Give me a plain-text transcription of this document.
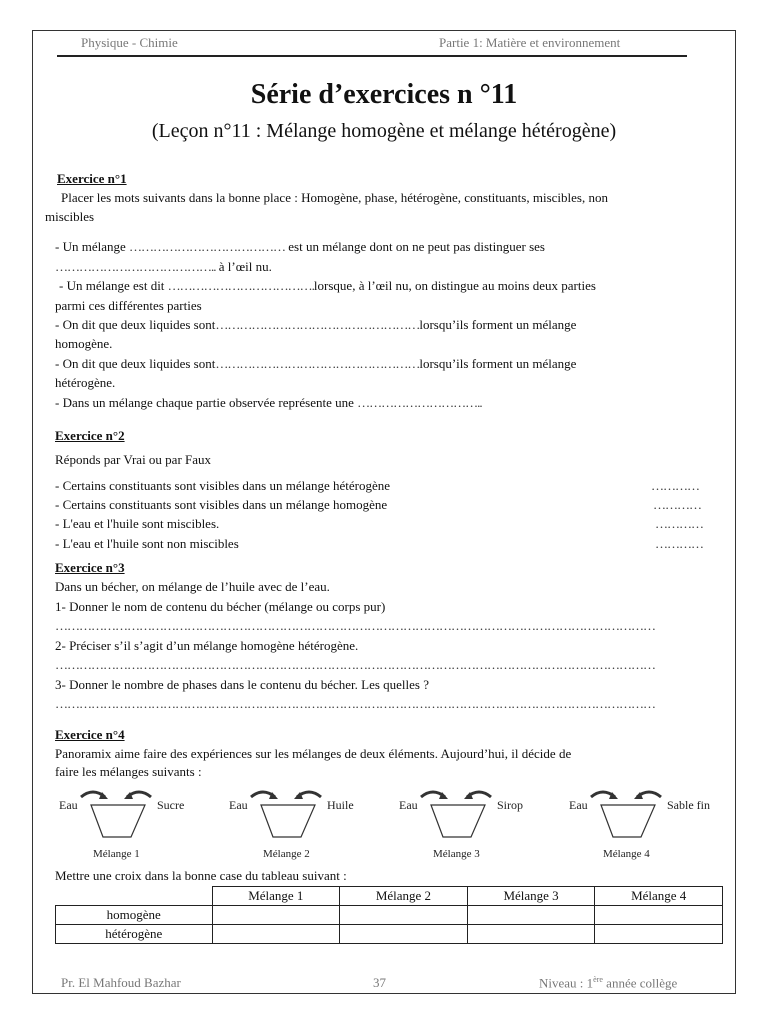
Physique - Chimie	Partie 1: Matière et environnement
Série d’exercices n °11
(Leçon n°11 : Mélange homogène et mélange hétérogène)
Exercice n°1
Placer les mots suivants dans la bonne place : Homogène, phase, hétérogène, constituants, miscibles, non
miscibles
- Un mélange ………………………………… est un mélange dont on ne peut pas distinguer ses
………………………………….. à l’œil nu.
- Un mélange est dit ……………………………….lorsque, à l’œil nu, on distingue au moins deux parties
parmi ces différentes parties
- On dit que deux liquides sont……………………………………………lorsqu’ils forment un mélange
homogène.
- On dit que deux liquides sont……………………………………………lorsqu’ils forment un mélange
hétérogène.
- Dans un mélange chaque partie observée représente une …………………………..
Exercice n°2
Réponds par Vrai ou par Faux
- Certains constituants sont visibles dans un mélange hétérogène	…………
- Certains constituants sont visibles dans un mélange homogène	…………
- L'eau et l'huile sont miscibles.	…………
- L'eau et l'huile sont non miscibles	…………
Exercice n°3
Dans un bécher, on mélange de l’huile avec de l’eau.
1- Donner le nom de contenu du bécher (mélange ou corps pur)
……………………………………………………………………………………………………………………………………
2- Préciser s’il s’agit d’un mélange homogène hétérogène.
……………………………………………………………………………………………………………………………………
3- Donner le nombre de phases dans le contenu du bécher. Les quelles ?
……………………………………………………………………………………………………………………………………
Exercice n°4
Panoramix aime faire des expériences sur les mélanges de deux éléments. Aujourd’hui, il décide de
faire les mélanges suivants :
Eau	Sucre
Mélange 1
Eau	Huile
Mélange 2
Eau	Sirop
Mélange 3
Eau	Sable fin
Mélange 4
Mettre une croix dans la bonne case du tableau suivant :
	Mélange 1	Mélange 2	Mélange 3	Mélange 4
homogène				
hétérogène				
Pr. El Mahfoud Bazhar	37	Niveau : 1ère année collège
